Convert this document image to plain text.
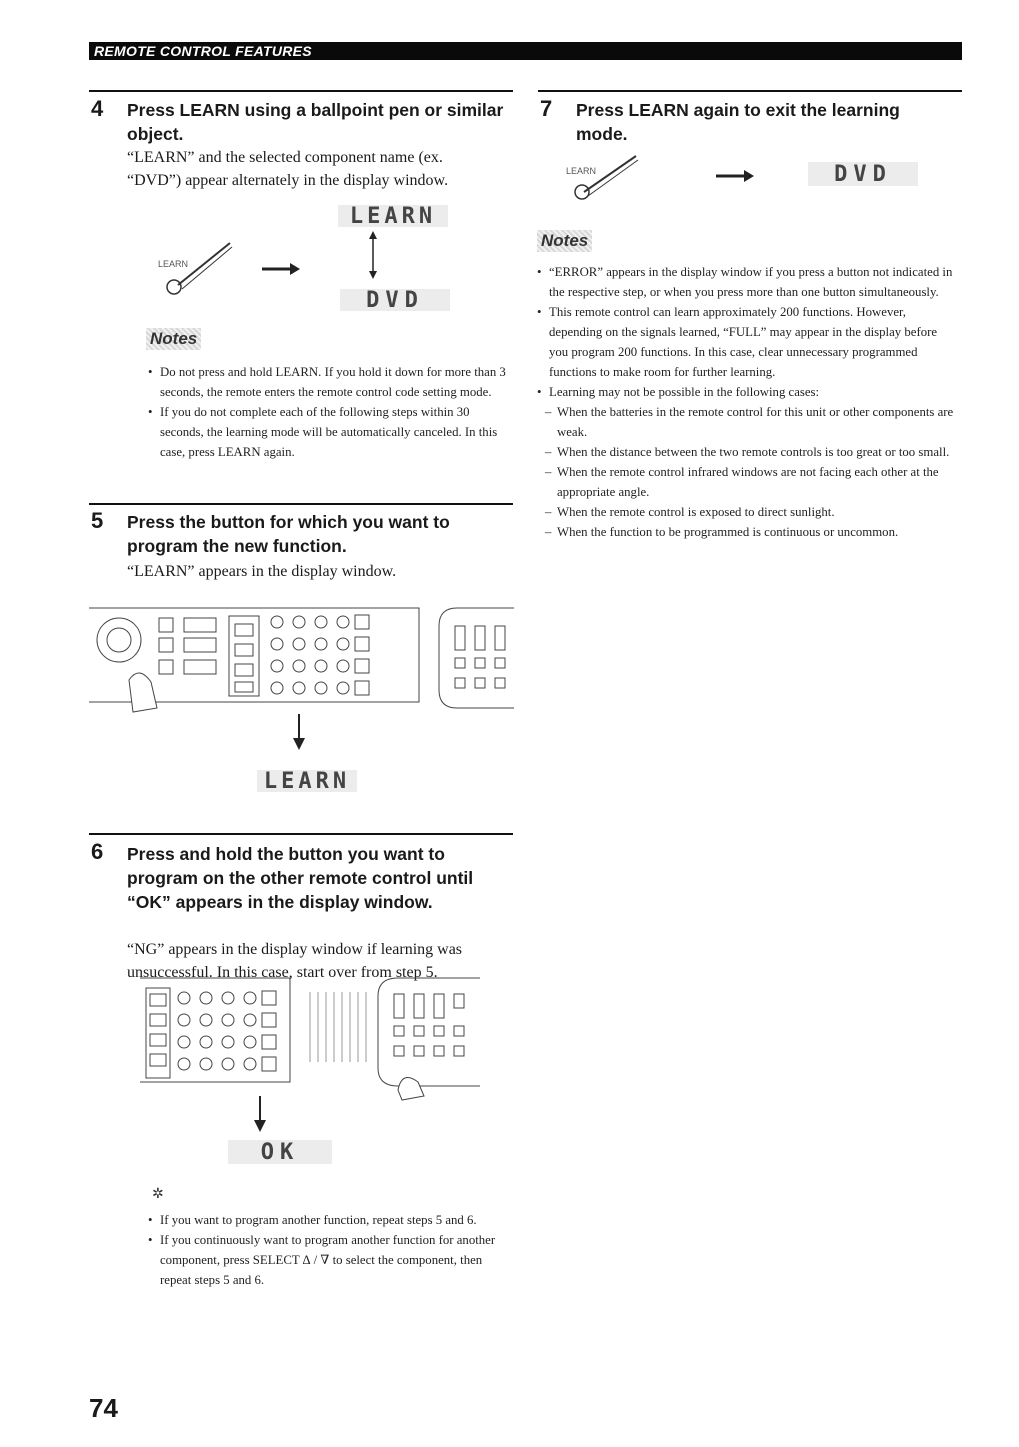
REMOTE CONTROL FEATURES
4 Press LEARN using a ballpoint pen or similar object.

“LEARN” and the selected component name (ex. “DVD”) appear alternately in the display window.

LEARN
LEARN
DVD
Notes
• Do not press and hold LEARN. If you hold it down for more than 3 seconds, the remote enters the remote control code setting mode.
• If you do not complete each of the following steps within 30 seconds, the learning mode will be automatically canceled. In this case, press LEARN again.
5 Press the button for which you want to program the new function.

“LEARN” appears in the display window.

LEARN
6 Press and hold the button you want to program on the other remote control until “OK” appears in the display window.

“NG” appears in the display window if learning was unsuccessful. In this case, start over from step 5.

OK
✲
• If you want to program another function, repeat steps 5 and 6.
• If you continuously want to program another function for another component, press SELECT ∆ / ∇ to select the component, then repeat steps 5 and 6.
7 Press LEARN again to exit the learning mode.
LEARN	DVD
Notes
• “ERROR” appears in the display window if you press a button not indicated in the respective step, or when you press more than one button simultaneously.
• This remote control can learn approximately 200 functions. However, depending on the signals learned, “FULL” may appear in the display before you program 200 functions. In this case, clear unnecessary programmed functions to make room for further learning.
• Learning may not be possible in the following cases:
– When the batteries in the remote control for this unit or other components are weak.
– When the distance between the two remote controls is too great or too small.
– When the remote control infrared windows are not facing each other at the appropriate angle.
– When the remote control is exposed to direct sunlight.
– When the function to be programmed is continuous or uncommon.
74
